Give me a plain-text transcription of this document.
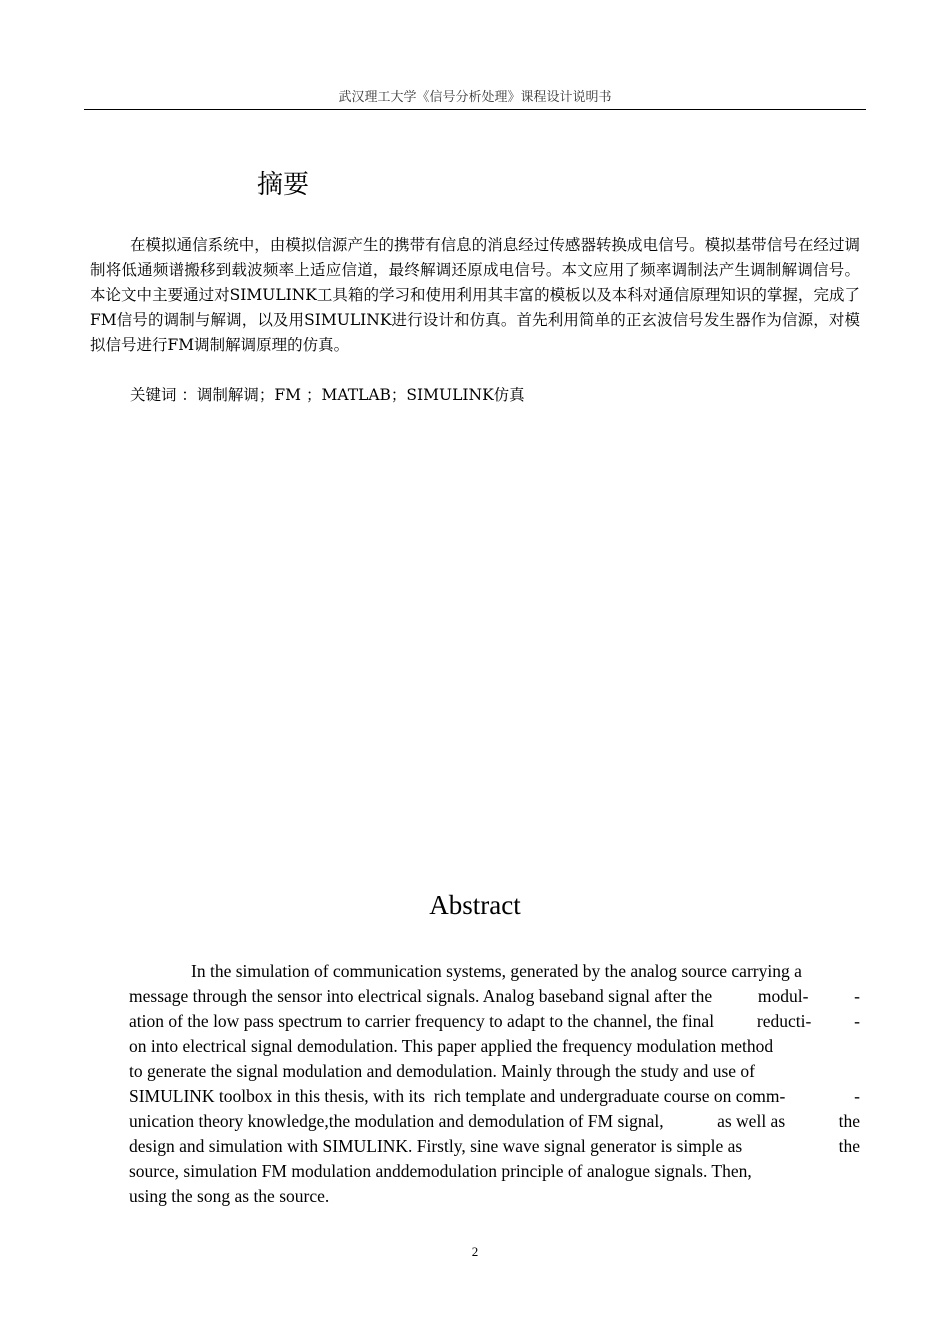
武汉理工大学《信号分析处理》课程设计说明书
摘要

在模拟通信系统中，由模拟信源产生的携带有信息的消息经过传感器转换成电信号。模拟基带信号在经过调制将低通频谱搬移到载波频率上适应信道，最终解调还原成电信号。本文应用了频率调制法产生调制解调信号。本论文中主要通过对SIMULINK工具箱的学习和使用利用其丰富的模板以及本科对通信原理知识的掌握，完成了FM信号的调制与解调，以及用SIMULINK进行设计和仿真。首先利用简单的正玄波信号发生器作为信源，对模拟信号进行FM调制解调原理的仿真。

关键词 ：调制解调；FM ；MATLAB；SIMULINK仿真
Abstract
In the simulation of communication systems, generated by the analog source carrying a
message through the sensor into electrical signals. Analog baseband signal after the	modul-	-
ation of the low pass spectrum to carrier frequency to adapt to the channel, the final reducti- -
on into electrical signal demodulation. This paper applied the frequency modulation method
to generate the signal modulation and demodulation. Mainly through the study and use of
SIMULINK toolbox in this thesis, with its  rich template and undergraduate course on comm-	-
unication theory knowledge,the modulation and demodulation of FM signal,	as well as	the
design and simulation with SIMULINK. Firstly, sine wave signal generator is simple as	the
source, simulation FM modulation anddemodulation principle of analogue signals. Then,
using the song as the source.
2
